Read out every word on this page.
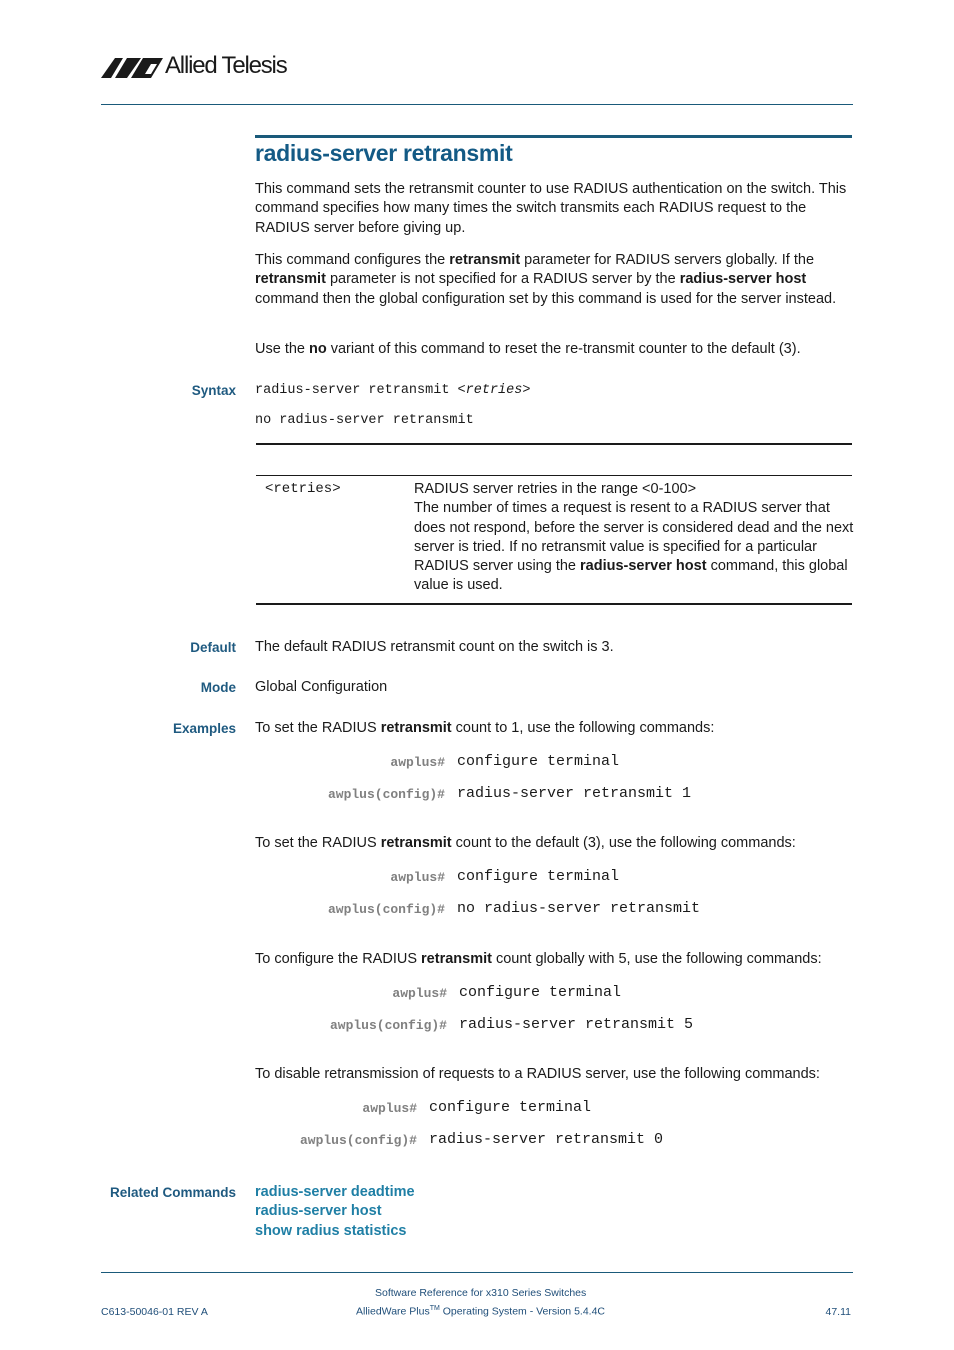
Allied Telesis
radius-server retransmit
This command sets the retransmit counter to use RADIUS authentication on the switch. This command specifies how many times the switch transmits each RADIUS request to the RADIUS server before giving up.
This command configures the retransmit parameter for RADIUS servers globally. If the retransmit parameter is not specified for a RADIUS server by the radius-server host command then the global configuration set by this command is used for the server instead.
Use the no variant of this command to reset the re-transmit counter to the default (3).
Syntax radius-server retransmit <retries>
no radius-server retransmit
<retries>	RADIUS server retries in the range <0-100>
The number of times a request is resent to a RADIUS server that does not respond, before the server is considered dead and the next server is tried. If no retransmit value is specified for a particular RADIUS server using the radius-server host command, this global value is used.
Default The default RADIUS retransmit count on the switch is 3.
Mode Global Configuration
Examples To set the RADIUS retransmit count to 1, use the following commands:
awplus# configure terminal
awplus(config)# radius-server retransmit 1
To set the RADIUS retransmit count to the default (3), use the following commands:
awplus# configure terminal
awplus(config)# no radius-server retransmit
To configure the RADIUS retransmit count globally with 5, use the following commands:
awplus# configure terminal
awplus(config)# radius-server retransmit 5
To disable retransmission of requests to a RADIUS server, use the following commands:
awplus# configure terminal
awplus(config)# radius-server retransmit 0
Related Commands radius-server deadtime
radius-server host
show radius statistics
Software Reference for x310 Series Switches
AlliedWare Plus™ Operating System - Version 5.4.4C
C613-50046-01 REV A	47.11
